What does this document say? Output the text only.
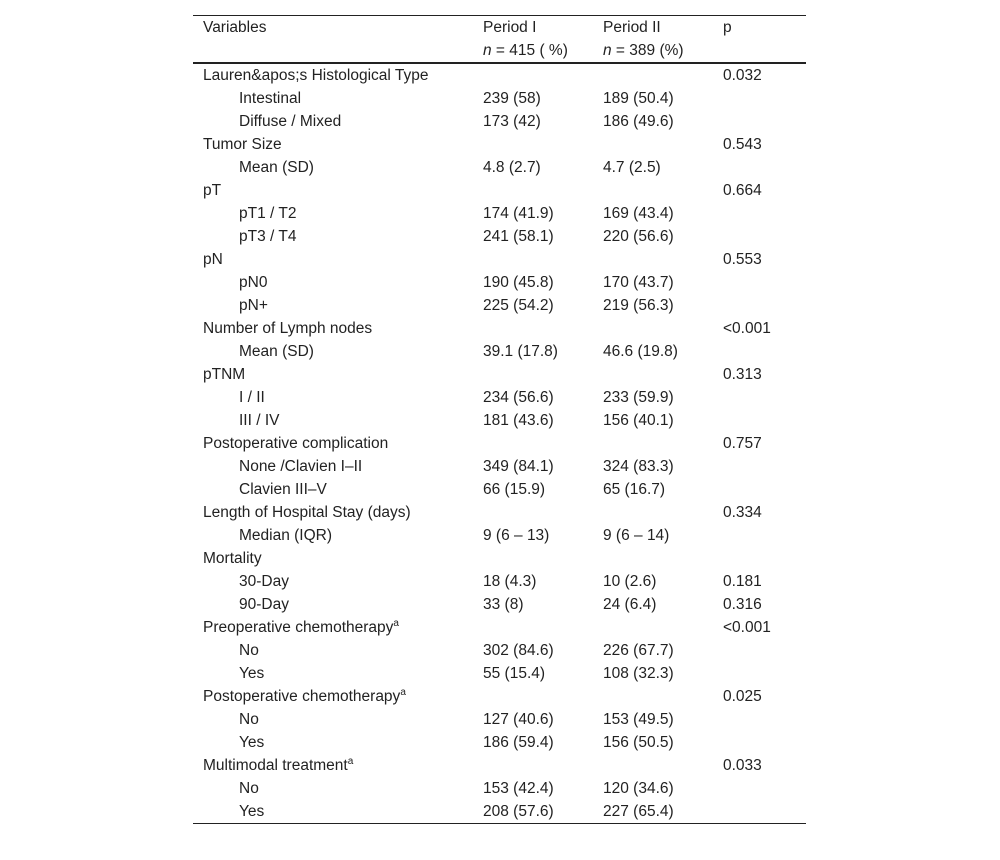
Variables	Period I	Period II	p
	n = 415 ( %)	n = 389 (%)	
Lauren&apos;s Histological Type			0.032
Intestinal	239 (58)	189 (50.4)	
Diffuse / Mixed	173 (42)	186 (49.6)	
Tumor Size			0.543
Mean (SD)	4.8 (2.7)	4.7 (2.5)	
pT			0.664
pT1 / T2	174 (41.9)	169 (43.4)	
pT3 / T4	241 (58.1)	220 (56.6)	
pN			0.553
pN0	190 (45.8)	170 (43.7)	
pN+	225 (54.2)	219 (56.3)	
Number of Lymph nodes			<0.001
Mean (SD)	39.1 (17.8)	46.6 (19.8)	
pTNM			0.313
I / II	234 (56.6)	233 (59.9)	
III / IV	181 (43.6)	156 (40.1)	
Postoperative complication			0.757
None /Clavien I–II	349 (84.1)	324 (83.3)	
Clavien III–V	66 (15.9)	65 (16.7)	
Length of Hospital Stay (days)			0.334
Median (IQR)	9 (6 – 13)	9 (6 – 14)	
Mortality			
30-Day	18 (4.3)	10 (2.6)	0.181
90-Day	33 (8)	24 (6.4)	0.316
Preoperative chemotherapy$^a$			<0.001
No	302 (84.6)	226 (67.7)	
Yes	55 (15.4)	108 (32.3)	
Postoperative chemotherapy$^a$			0.025
No	127 (40.6)	153 (49.5)	
Yes	186 (59.4)	156 (50.5)	
Multimodal treatment$^a$			0.033
No	153 (42.4)	120 (34.6)	
Yes	208 (57.6)	227 (65.4)	
